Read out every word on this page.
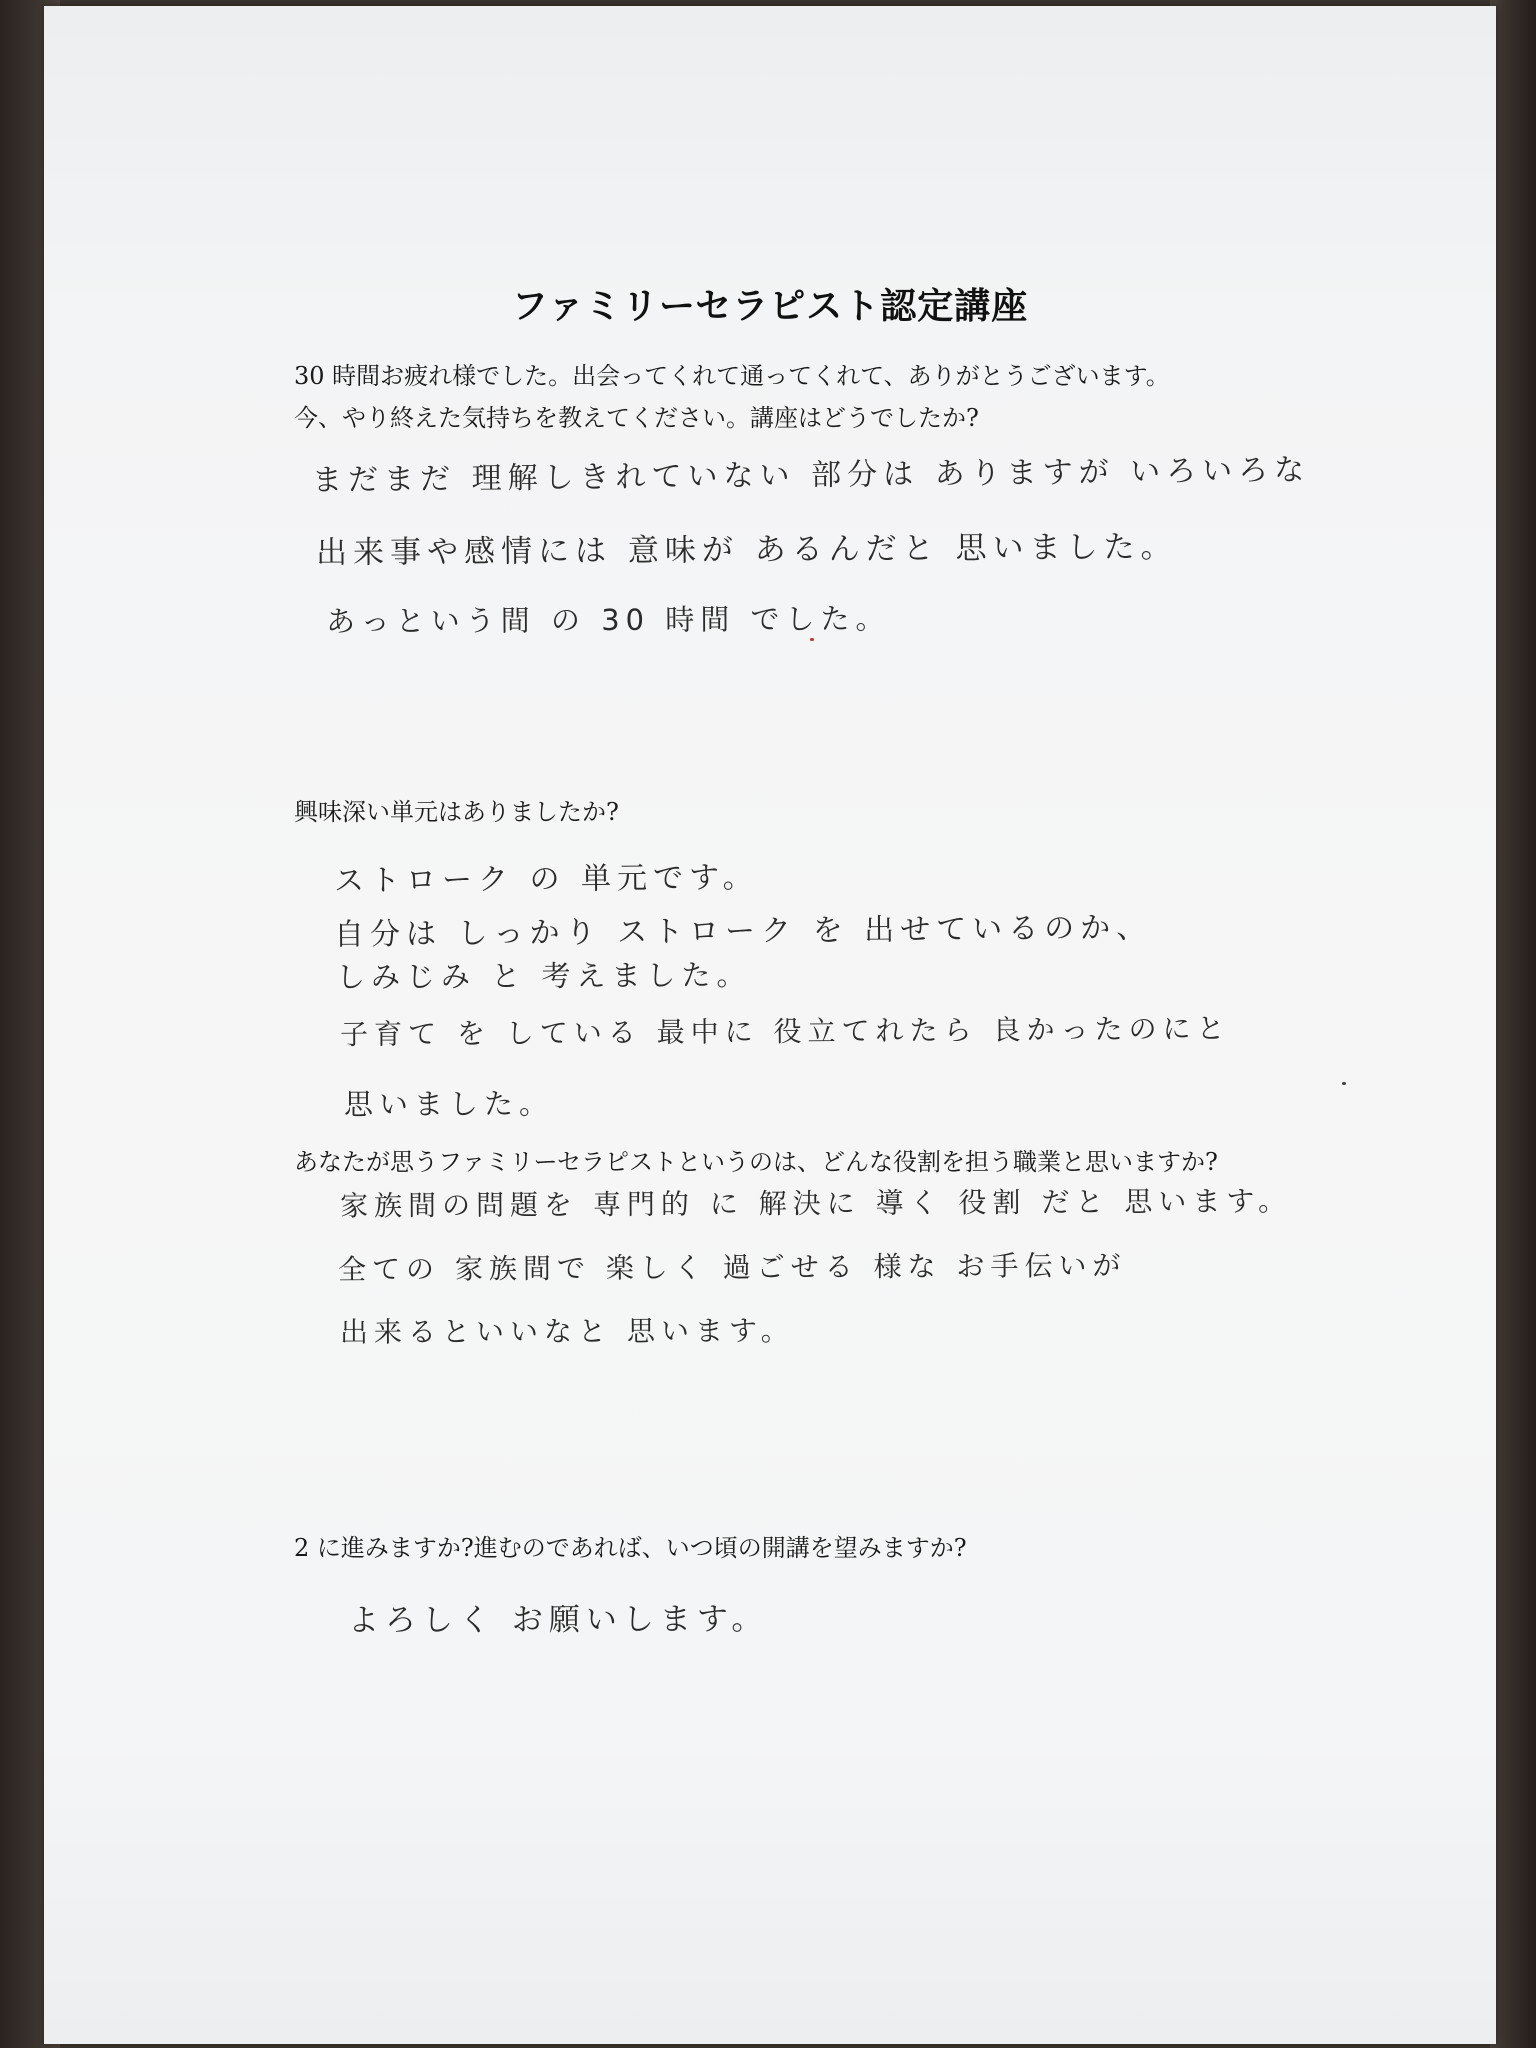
ファミリーセラピスト認定講座
30 時間お疲れ様でした。出会ってくれて通ってくれて、ありがとうございます。
今、やり終えた気持ちを教えてください。講座はどうでしたか?
まだまだ 理解しきれていない 部分は ありますが いろいろな
出来事や感情には 意味が あるんだと 思いました。
あっという間 の 30 時間 でした。
興味深い単元はありましたか?
ストローク の 単元です。
自分は しっかり ストローク を 出せているのか、
しみじみ と 考えました。
子育て を している 最中に 役立てれたら 良かったのにと
思いました。
あなたが思うファミリーセラピストというのは、どんな役割を担う職業と思いますか?
家族間の問題を 専門的 に 解決に 導く 役割 だと 思います。
全ての 家族間で 楽しく 過ごせる 様な お手伝いが
出来るといいなと 思います。
2 に進みますか?進むのであれば、いつ頃の開講を望みますか?
よろしく お願いします。
